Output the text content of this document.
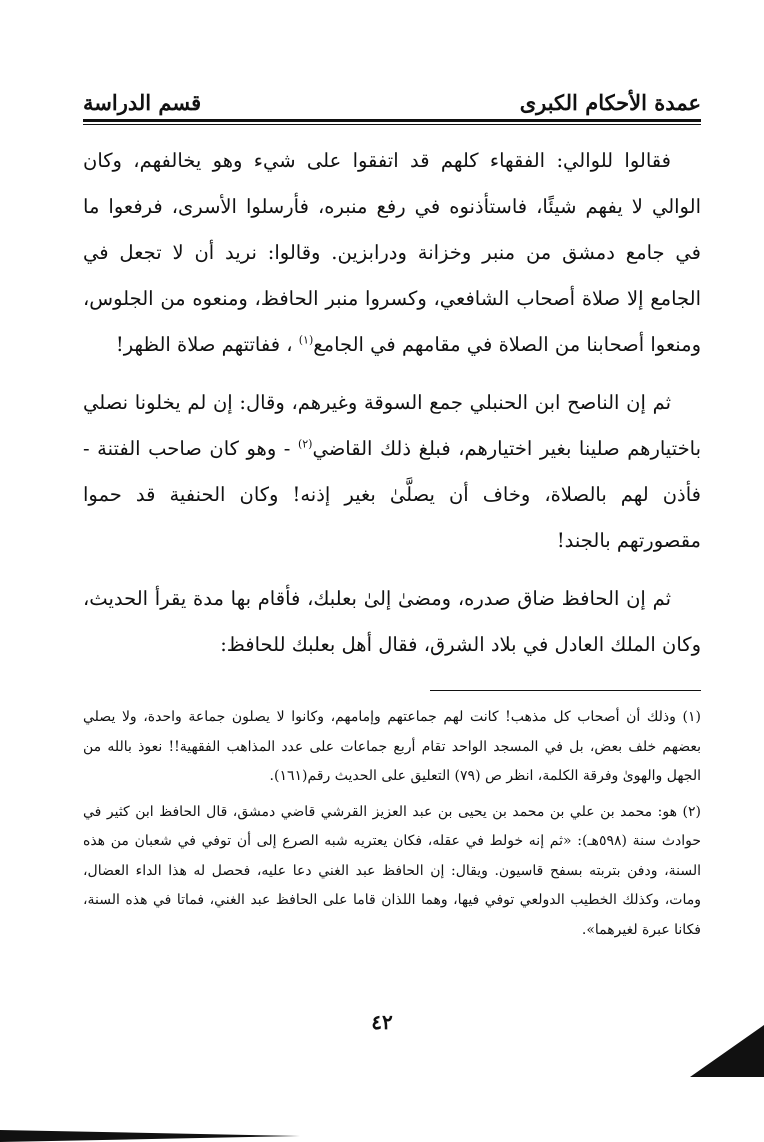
عمدة الأحكام الكبرى
قسم الدراسة

فقالوا للوالي: الفقهاء كلهم قد اتفقوا على شيء وهو يخالفهم، وكان الوالي لا يفهم شيئًا، فاستأذنوه في رفع منبره، فأرسلوا الأسرى، فرفعوا ما في جامع دمشق من منبر وخزانة ودرابزين. وقالوا: نريد أن لا تجعل في الجامع إلا صلاة أصحاب الشافعي، وكسروا منبر الحافظ، ومنعوه من الجلوس، ومنعوا أصحابنا من الصلاة في مقامهم في الجامع$^{(١)}$ ، ففاتتهم صلاة الظهر!

ثم إن الناصح ابن الحنبلي جمع السوقة وغيرهم، وقال: إن لم يخلونا نصلي باختيارهم صلينا بغير اختيارهم، فبلغ ذلك القاضي$^{(٢)}$ - وهو كان صاحب الفتنة - فأذن لهم بالصلاة، وخاف أن يصلَّىٰ بغير إذنه! وكان الحنفية قد حموا مقصورتهم بالجند!

ثم إن الحافظ ضاق صدره، ومضىٰ إلىٰ بعلبك، فأقام بها مدة يقرأ الحديث، وكان الملك العادل في بلاد الشرق، فقال أهل بعلبك للحافظ:

(١) وذلك أن أصحاب كل مذهب! كانت لهم جماعتهم وإمامهم، وكانوا لا يصلون جماعة واحدة، ولا يصلي بعضهم خلف بعض، بل في المسجد الواحد تقام أربع جماعات على عدد المذاهب الفقهية!! نعوذ بالله من الجهل والهوىٰ وفرقة الكلمة، انظر ص (٧٩) التعليق على الحديث رقم(١٦١).

(٢) هو: محمد بن علي بن محمد بن يحيى بن عبد العزيز القرشي قاضي دمشق، قال الحافظ ابن كثير في حوادث سنة (٥٩٨هـ): «ثم إنه خولط في عقله، فكان يعتريه شبه الصرع إلى أن توفي في شعبان من هذه السنة، ودفن بتربته بسفح قاسيون. ويقال: إن الحافظ عبد الغني دعا عليه، فحصل له هذا الداء العضال، ومات، وكذلك الخطيب الدولعي توفي فيها، وهما اللذان قاما على الحافظ عبد الغني، فماتا في هذه السنة، فكانا عبرة لغيرهما».

٤٢
